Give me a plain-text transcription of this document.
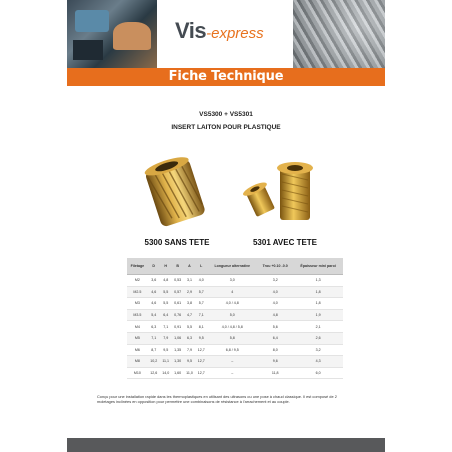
Vis-express
Fiche Technique
VS5300 + VS5301
INSERT LAITON POUR PLASTIQUE
5300 SANS TETE	5301 AVEC TETE
Filetage	D	H	B	A	L	Longueur alternative	Trou +0.10 -0.0	Épaisseur mini paroi
M2	3,6	4,8	0,53	3,1	4,0	3,0	3,2	1,3
M2.5	4,6	5,5	0,57	2,9	5,7	4	4,0	1,8
M3	4,6	5,5	0,61	3,8	5,7	4,0 / 4,8	4,0	1,8
M3.5	5,4	6,4	0,76	4,7	7,1	5,0	4,8	1,9
M4	6,3	7,1	0,91	5,5	8,1	4,0 / 4,8 / 5,8	5,6	2,1
M5	7,1	7,9	1,06	6,3	9,5	5,8	6,4	2,6
M6	8,7	9,5	1,35	7,9	12,7	6,8 / 9,5	8,0	3,2
M8	10,2	11,1	1,30	9,5	12,7	–	9,6	4,3
M10	12,6	14,0	1,60	11,0	12,7	–	11,8	6,0
Conçu pour une installation rapide dans les thermoplastiques en utilisant des ultrasons ou une pose à chaud classique. Il est composé de 2 moletages inclinées en opposition pour permettre une combinaisons de résistance à l'arrachement et au couple.
